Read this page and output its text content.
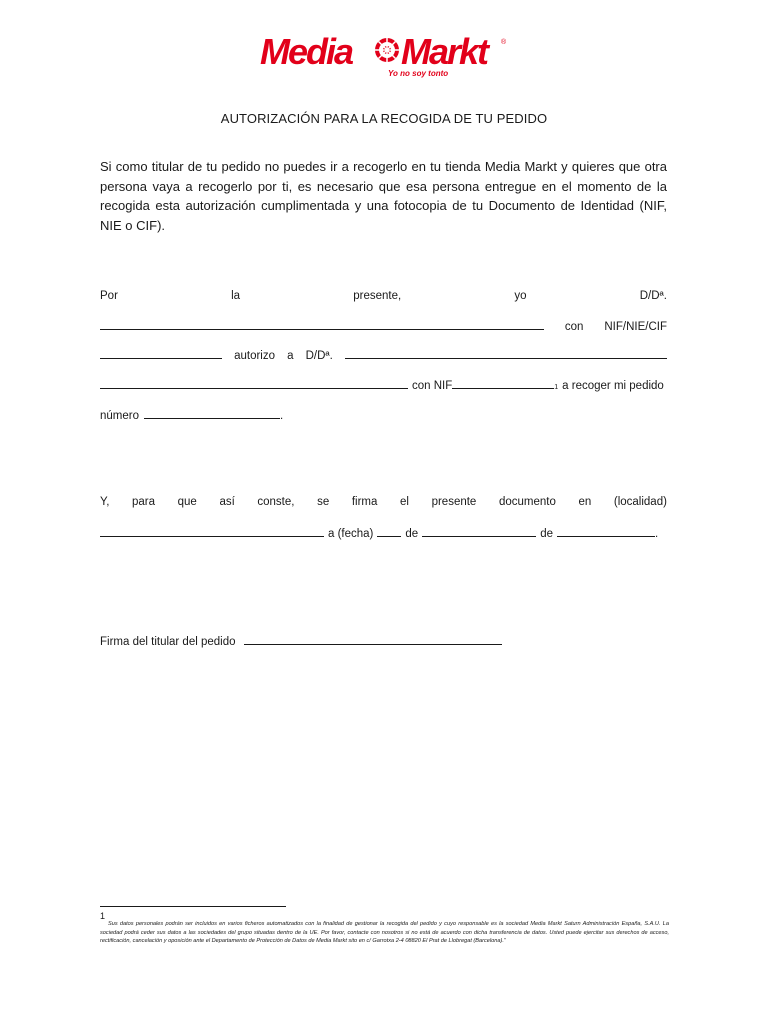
Media Markt	®
Yo no soy tonto
AUTORIZACIÓN PARA LA RECOGIDA DE TU PEDIDO

Si como titular de tu pedido no puedes ir a recogerlo en tu tienda Media Markt y quieres que otra persona vaya a recogerlo por ti, es necesario que esa persona entregue en el momento de la recogida esta autorización cumplimentada y una fotocopia de tu Documento de Identidad (NIF, NIE o CIF).

Por	la	presente,	yo	D/Dª.
con NIF/NIE/CIF
autorizo a D/Dª.
con NIF	1 a recoger mi pedido
número	.
Y, para que así conste, se firma el presente documento en (localidad)
a (fecha)	de	de	.
Firma del titular del pedido
1

Sus datos personales podrán ser incluidos en varios ficheros automatizados con la finalidad de gestionar la recogida del pedido y cuyo responsable es la sociedad Media Markt Saturn Administración España, S.A.U. La sociedad podrá ceder sus datos a las sociedades del grupo situadas dentro de la UE. Por favor, contacte con nosotros si no está de acuerdo con dicha transferencia de datos. Usted puede ejercitar sus derechos de acceso, rectificación, cancelación y oposición ante el Departamento de Protección de Datos de Media Markt sito en c/ Garrotxa 2-4 08820 El Prat de Llobregat (Barcelona).”
